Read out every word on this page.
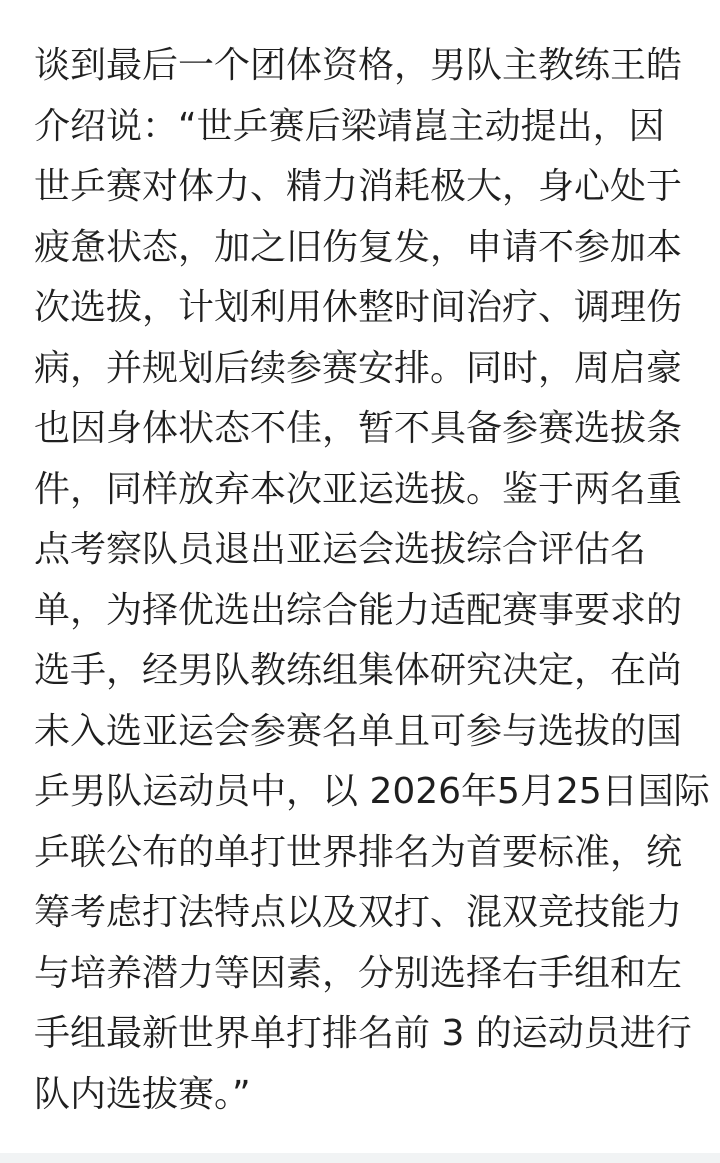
谈到最后一个团体资格，男队主教练王皓
介绍说：“世乒赛后梁靖崑主动提出，因
世乒赛对体力、精力消耗极大，身心处于
疲惫状态，加之旧伤复发，申请不参加本
次选拔，计划利用休整时间治疗、调理伤
病，并规划后续参赛安排。同时，周启豪
也因身体状态不佳，暂不具备参赛选拔条
件，同样放弃本次亚运选拔。鉴于两名重
点考察队员退出亚运会选拔综合评估名
单，为择优选出综合能力适配赛事要求的
选手，经男队教练组集体研究决定，在尚
未入选亚运会参赛名单且可参与选拔的国
乒男队运动员中，以 2026年5月25日国际
乒联公布的单打世界排名为首要标准，统
筹考虑打法特点以及双打、混双竞技能力
与培养潜力等因素，分别选择右手组和左
手组最新世界单打排名前 3 的运动员进行
队内选拔赛。”
